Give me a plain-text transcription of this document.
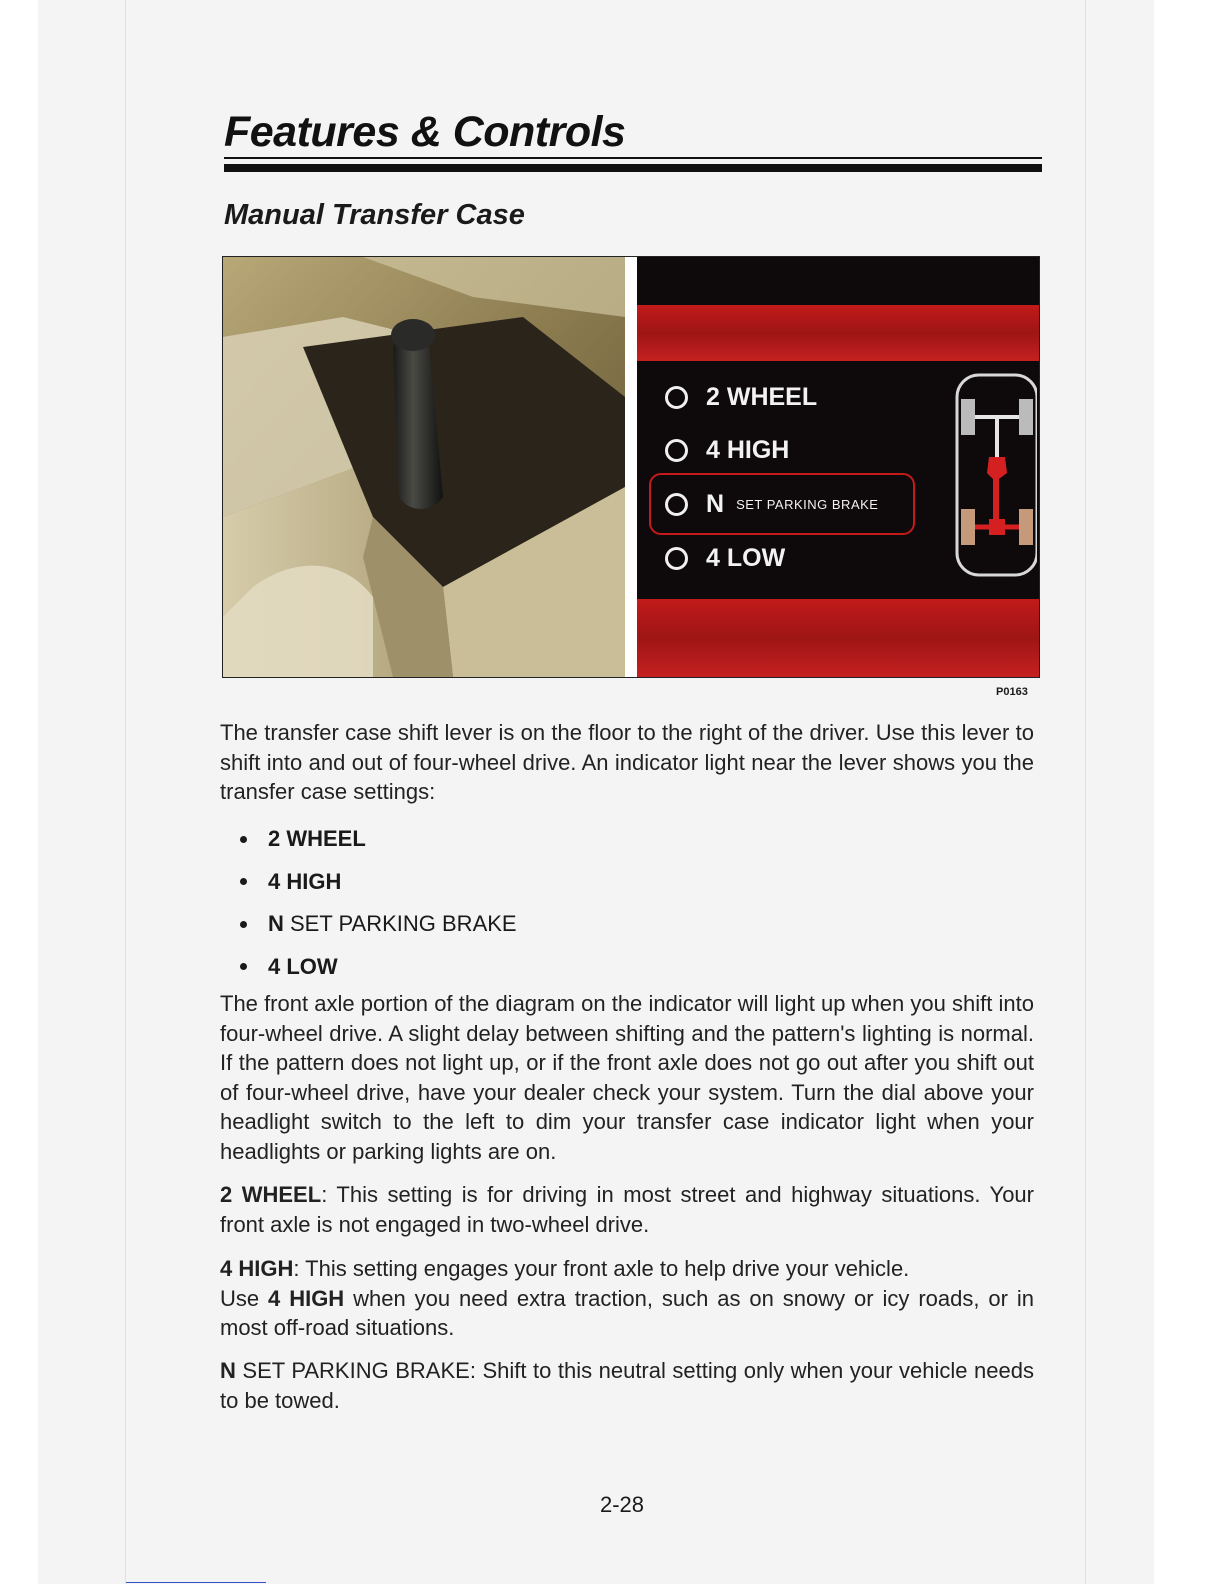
Features & Controls
Manual Transfer Case
2 WHEEL
4 HIGH
N SET PARKING BRAKE
4 LOW
P0163

The transfer case shift lever is on the floor to the right of the driver. Use this lever to shift into and out of four-wheel drive. An indicator light near the lever shows you the transfer case settings:

2 WHEEL
4 HIGH
N SET PARKING BRAKE
4 LOW

The front axle portion of the diagram on the indicator will light up when you shift into four-wheel drive. A slight delay between shifting and the pattern's lighting is normal. If the pattern does not light up, or if the front axle does not go out after you shift out of four-wheel drive, have your dealer check your system. Turn the dial above your headlight switch to the left to dim your transfer case indicator light when your headlights or parking lights are on.

2 WHEEL: This setting is for driving in most street and highway situations. Your front axle is not engaged in two-wheel drive.

4 HIGH: This setting engages your front axle to help drive your vehicle.
Use 4 HIGH when you need extra traction, such as on snowy or icy roads, or in most off-road situations.

N SET PARKING BRAKE: Shift to this neutral setting only when your vehicle needs to be towed.

2-28
